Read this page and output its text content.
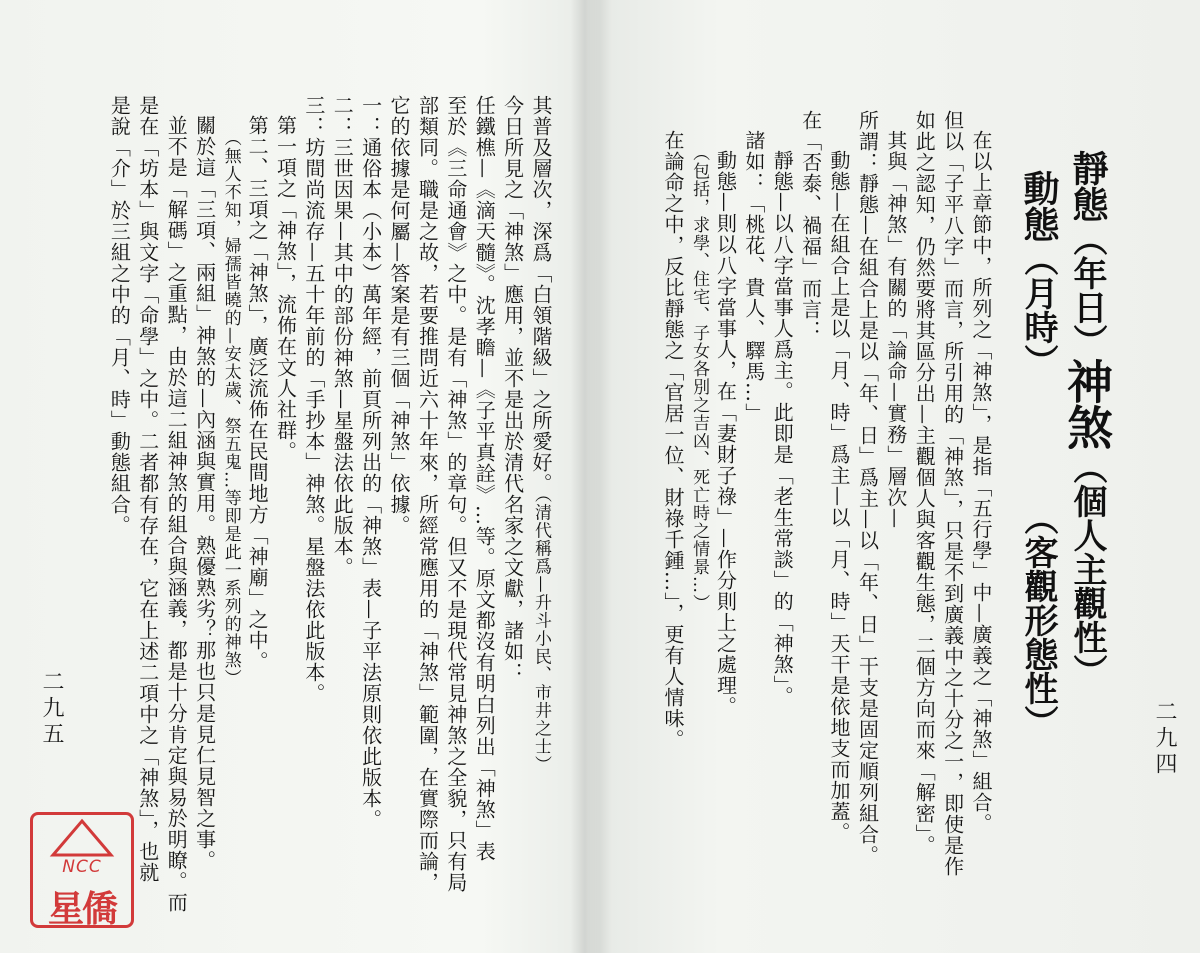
其普及層次，深爲「白領階級」之所愛好。（清代稱爲—升斗小民、市井之士）
今日所見之「神煞」應用，並不是出於清代名家之文獻，諸如：
任鐵樵—《滴天髓》。沈孝瞻—《子平真詮》…等。原文都沒有明白列出「神煞」表
至於《三命通會》之中。是有「神煞」的章句。但又不是現代常見神煞之全貌，只有局
部類同。職是之故，若要推問近六十年來，所經常應用的「神煞」範圍，在實際而論，
它的依據是何屬—答案是有三個「神煞」依據。
一：通俗本（小本）萬年經，前頁所列出的「神煞」表—子平法原則依此版本。
二：三世因果—其中的部份神煞—星盤法依此版本。
三：坊間尚流存—五十年前的「手抄本」神煞。星盤法依此版本。
第一項之「神煞」，流佈在文人社群。
第二、三項之「神煞」，廣泛流佈在民間地方「神廟」之中。
（無人不知，婦孺皆曉的—安太歲、祭五鬼…等即是此一系列的神煞）
關於這「三項、兩組」神煞的—內涵與實用。熟優熟劣？那也只是見仁見智之事。
並不是「解碼」之重點，由於這二組神煞的組合與涵義，都是十分肯定與易於明瞭。而
是在「坊本」與文字「命學」之中。二者都有存在，它在上述二項中之「神煞」，也就
是說「介」於三組之中的「月、時」動態組合。
二九五
NCC
星僑
靜態（年日）神煞（個人主觀性）
動態（月時）（客觀形態性）
在以上章節中，所列之「神煞」，是指「五行學」中—廣義之「神煞」組合。
但以「子平八字」而言，所引用的「神煞」，只是不到廣義中之十分之一，即使是作
如此之認知，仍然要將其區分出—主觀個人與客觀生態，二個方向而來「解密」。
其與「神煞」有關的「論命—實務」層次—
所謂：靜態—在組合上是以「年、日」爲主—以「年、日」干支是固定順列組合。
動態—在組合上是以「月、時」爲主—以「月、時」天干是依地支而加蓋。
在「否泰、禍福」而言：
靜態—以八字當事人爲主。此即是「老生常談」的「神煞」。
諸如：「桃花、貴人、驛馬…」
動態—則以八字當事人，在「妻財子祿」—作分則上之處理。
（包括，求學、住宅、子女各別之吉凶、死亡時之情景…）
在論命之中，反比靜態之「官居一位、財祿千鍾…」，更有人情味。	二九四
